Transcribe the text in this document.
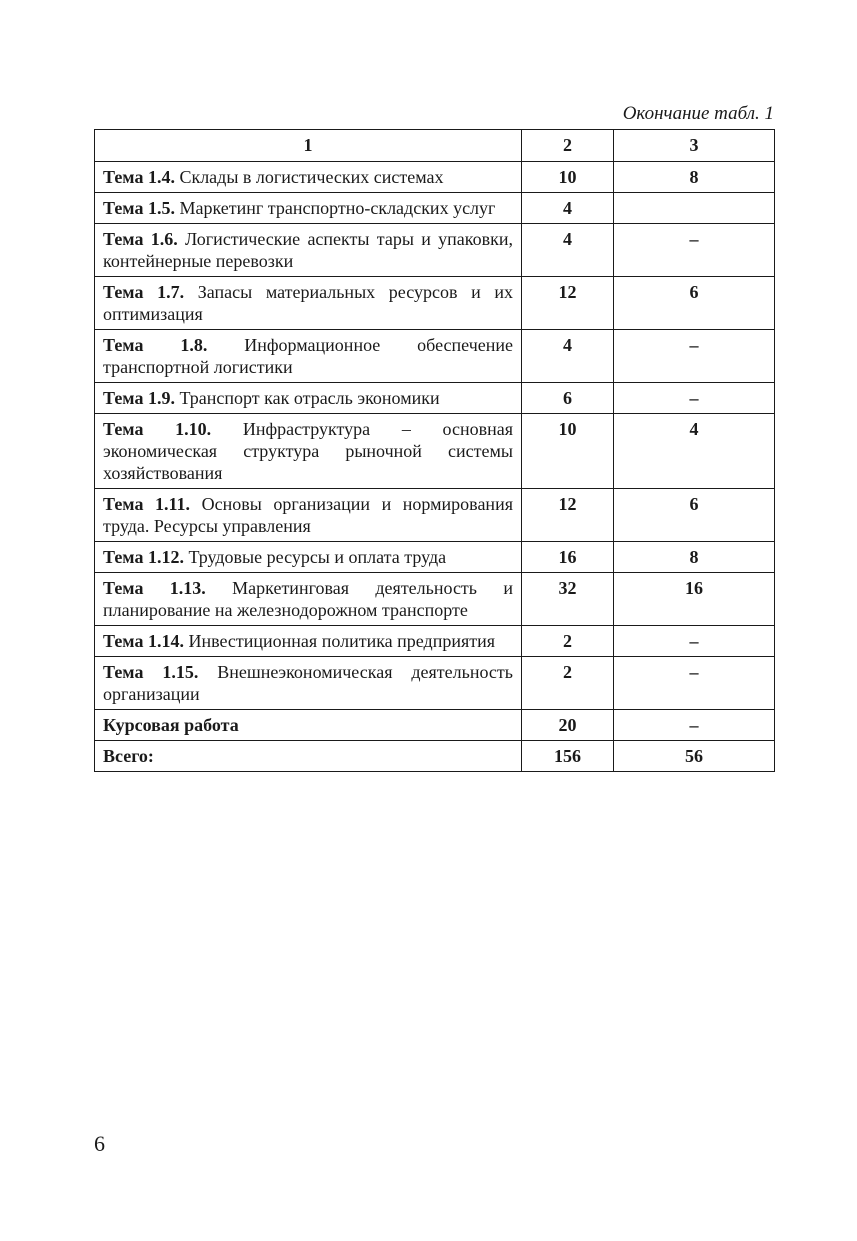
Окончание табл. 1
1	2	3
Тема 1.4. Склады в логистических системах	10	8
Тема 1.5. Маркетинг транспортно-складских услуг	4	
Тема 1.6. Логистические аспекты тары и упаковки, контейнерные перевозки	4	–
Тема 1.7. Запасы материальных ресурсов и их оптимизация	12	6
Тема 1.8. Информационное обеспечение транспортной логистики	4	–
Тема 1.9. Транспорт как отрасль экономики	6	–
Тема 1.10. Инфраструктура – основная экономическая структура рыночной системы хозяйствования	10	4
Тема 1.11. Основы организации и нормирования труда. Ресурсы управления	12	6
Тема 1.12. Трудовые ресурсы и оплата труда	16	8
Тема 1.13. Маркетинговая деятельность и планирование на железнодорожном транспорте	32	16
Тема 1.14. Инвестиционная политика предприятия	2	–
Тема 1.15. Внешнеэкономическая деятельность организации	2	–
Курсовая работа	20	–
Всего:	156	56
6
